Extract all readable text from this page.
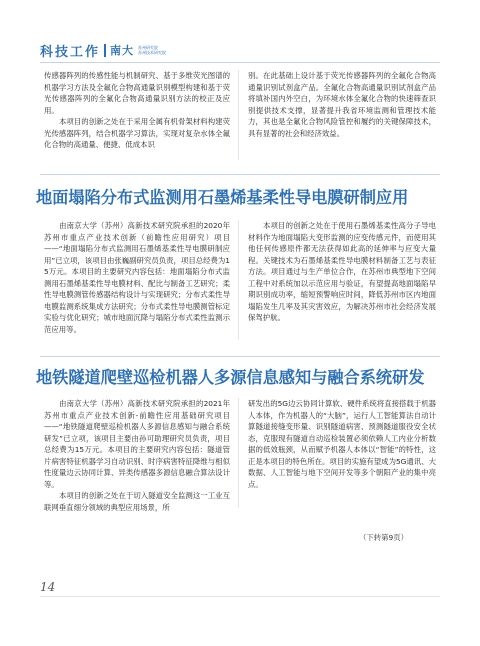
科技工作 南大 苏州研究院
苏州技术研究院

传感器阵列的传感性能与机制研究、基于多维荧光图谱的机器学习方法及全氟化合物高通量识别模型构建和基于荧光传感器阵列的全氟化合物高通量识别方法的校正及应用。

本项目的创新之处在于采用全属有机骨架材料构建荧光传感器阵列，结合机器学习算法，实现对复杂水体全氟化合物的高通量、便捷、低成本识

别。在此基础上设计基于荧光传感器阵列的全氟化合物高通量识别试剂盒产品。全氟化合物高通量识别试剂盒产品将填补国内外空白，为环境水体全氟化合物的快速筛查识别提供技术支撑，显著提升我省环境监测和管理技术能力，其也是全氟化合物风险管控和履约的关键保障技术，具有显著的社会和经济效益。

地面塌陷分布式监测用石墨烯基柔性导电膜研制应用

由南京大学（苏州）高新技术研究院承担的2020年苏州市重点产业技术创新（前瞻性应用研究）项目——“地面塌陷分布式监测用石墨烯基柔性导电膜研制应用”已立项，该项目由张巍副研究员负责，项目总经费为15万元。本项目的主要研究内容包括：地面塌陷分布式监测用石墨烯基柔性导电膜材料、配比与制备工艺研究；柔性导电膜测管传感器结构设计与实现研究；分布式柔性导电膜监测系统集成方法研究；分布式柔性导电膜测管标定实验与优化研究；城市地面沉降与塌陷分布式柔性监测示范应用等。

本项目的创新之处在于使用石墨烯基柔性高分子导电材料作为地面塌陷大变形监测的应变传感元件，而使用其他任何传感原件都无法获得如此高的延伸率与应变大量程。关键技术为石墨烯基柔性导电膜材料制备工艺与表征方法。项目通过与生产单位合作，在苏州市典型地下空间工程中对系统加以示范应用与验证，有望提高地面塌陷早期识别成功率，缩短预警响应时间，降低苏州市区内地面塌陷发生几率及其灾害效应，为解决苏州市社会经济发展保驾护航。

地铁隧道爬壁巡检机器人多源信息感知与融合系统研发

由南京大学（苏州）高新技术研究院承担的2021年苏州市重点产业技术创新-前瞻性应用基础研究项目——“地铁隧道爬壁巡检机器人多源信息感知与融合系统研发”已立项，该项目主要由孙可助理研究员负责，项目总经费为15万元。本项目的主要研究内容包括：隧道管片病害特征机器学习自动识别、时序病害特征降维与相似性度量边云协同计算、异类传感器多源信息融合算法设计等。

本项目的创新之处在于切入隧道安全监测这一工业互联网垂直细分领域的典型应用场景，所

研发出的5G边云协同计算软、硬件系统将直接搭载于机器人本体，作为机器人的“大脑”，运行人工智能算法自动计算隧道接缝变形量、识别隧道病害、预测隧道服役安全状态，克服现有隧道自动巡检装置必须依赖人工内业分析数据的低效瓶颈，从而赋予机器人本体以“智能”的特性，这正是本项目的特色所在。项目的实施有望成为5G通讯、大数据、人工智能与地下空间开发等多个朝阳产业的集中亮点。

（下转第9页）
14
